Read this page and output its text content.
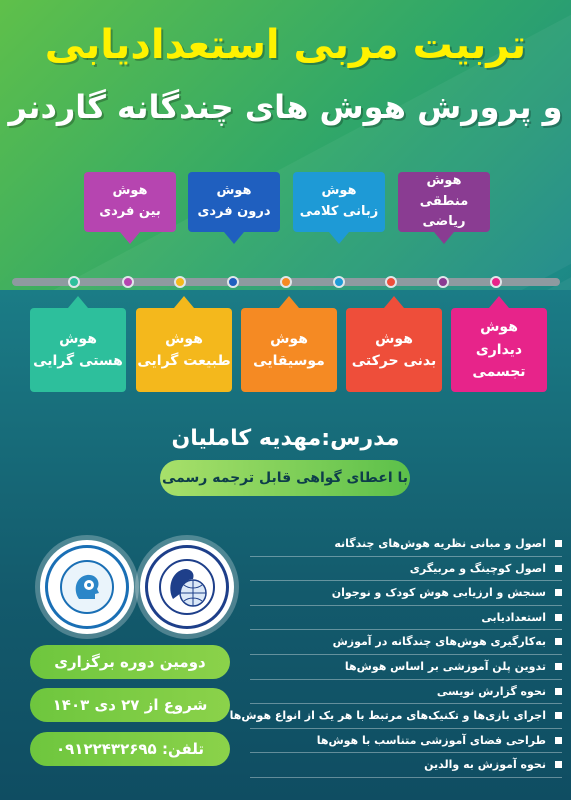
تربیت مربی استعدادیابی
و پرورش هوش های چندگانه گاردنر
هوش
بین فردی
هوش
درون فردی
هوش
زبانی کلامی
هوش
منطقی ریاضی
هوش
هستی گرایی
هوش
طبیعت گرایی
هوش
موسیقایی
هوش
بدنی حرکتی
هوش
دیداری تجسمی
مدرس:مهدیه کاملیان
با اعطای گواهی قابل ترجمه رسمی
اصول و مبانی نظریه هوش‌های چندگانه
اصول کوچینگ و مربیگری
سنجش و ارزیابی هوش کودک و نوجوان
استعدادیابی
به‌کارگیری هوش‌های چندگانه در آموزش
تدوین پلن آموزشی بر اساس هوش‌ها
نحوه گزارش نویسی
اجرای بازی‌ها و تکنیک‌های مرتبط با هر یک از انواع هوش‌ها
طراحی فضای آموزشی متناسب با هوش‌ها
نحوه آموزش به والدین
دومین دوره برگزاری
شروع از ۲۷ دی ۱۴۰۳
تلفن: ۰۹۱۲۲۴۳۲۶۹۵
